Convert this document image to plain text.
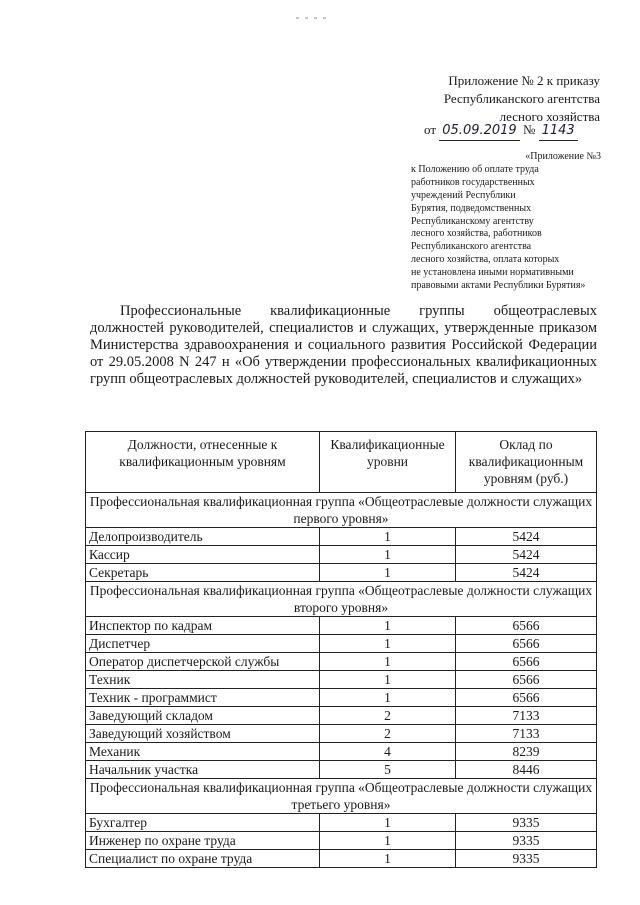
Приложение № 2 к приказу
Республиканского агентства
лесного хозяйства
от 05.09.2019 № 1143
«Приложение №3
к Положению об оплате труда
работников государственных
учреждений Республики
Бурятия, подведомственных
Республиканскому агентству
лесного хозяйства, работников
Республиканского агентства
лесного хозяйства, оплата которых
не установлена иными нормативными
правовыми актами Республики Бурятия»
Профессиональные квалификационные группы общеотраслевых должностей руководителей, специалистов и служащих, утвержденные приказом Министерства здравоохранения и социального развития Российской Федерации от 29.05.2008 N 247 н «Об утверждении профессиональных квалификационных групп общеотраслевых должностей руководителей, специалистов и служащих»
Должности, отнесенные к квалификационным уровням	Квалификационные уровни	Оклад по квалификационным уровням (руб.)
Профессиональная квалификационная группа «Общеотраслевые должности служащих первого уровня»		
Делопроизводитель	1	5424
Кассир	1	5424
Секретарь	1	5424
Профессиональная квалификационная группа «Общеотраслевые должности служащих второго уровня»		
Инспектор по кадрам	1	6566
Диспетчер	1	6566
Оператор диспетчерской службы	1	6566
Техник	1	6566
Техник - программист	1	6566
Заведующий складом	2	7133
Заведующий хозяйством	2	7133
Механик	4	8239
Начальник участка	5	8446
Профессиональная квалификационная группа «Общеотраслевые должности служащих третьего уровня»		
Бухгалтер	1	9335
Инженер по охране труда	1	9335
Специалист по охране труда	1	9335
